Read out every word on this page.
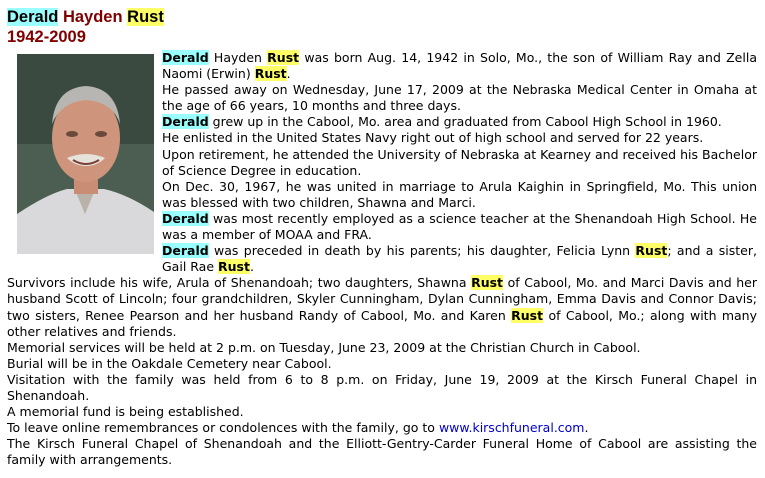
Derald Hayden Rust
1942-2009

Derald Hayden Rust was born Aug. 14, 1942 in Solo, Mo., the son of William Ray and Zella Naomi (Erwin) Rust.

He passed away on Wednesday, June 17, 2009 at the Nebraska Medical Center in Omaha at the age of 66 years, 10 months and three days.

Derald grew up in the Cabool, Mo. area and graduated from Cabool High School in 1960.

He enlisted in the United States Navy right out of high school and served for 22 years.

Upon retirement, he attended the University of Nebraska at Kearney and received his Bachelor of Science Degree in education.

On Dec. 30, 1967, he was united in marriage to Arula Kaighin in Springfield, Mo. This union was blessed with two children, Shawna and Marci.

Derald was most recently employed as a science teacher at the Shenandoah High School. He was a member of MOAA and FRA.

Derald was preceded in death by his parents; his daughter, Felicia Lynn Rust; and a sister, Gail Rae Rust.

Survivors include his wife, Arula of Shenandoah; two daughters, Shawna Rust of Cabool, Mo. and Marci Davis and her husband Scott of Lincoln; four grandchildren, Skyler Cunningham, Dylan Cunningham, Emma Davis and Connor Davis; two sisters, Renee Pearson and her husband Randy of Cabool, Mo. and Karen Rust of Cabool, Mo.; along with many other relatives and friends.

Memorial services will be held at 2 p.m. on Tuesday, June 23, 2009 at the Christian Church in Cabool.

Burial will be in the Oakdale Cemetery near Cabool.

Visitation with the family was held from 6 to 8 p.m. on Friday, June 19, 2009 at the Kirsch Funeral Chapel in Shenandoah.

A memorial fund is being established.

To leave online remembrances or condolences with the family, go to www.kirschfuneral.com.

The Kirsch Funeral Chapel of Shenandoah and the Elliott-Gentry-Carder Funeral Home of Cabool are assisting the family with arrangements.
